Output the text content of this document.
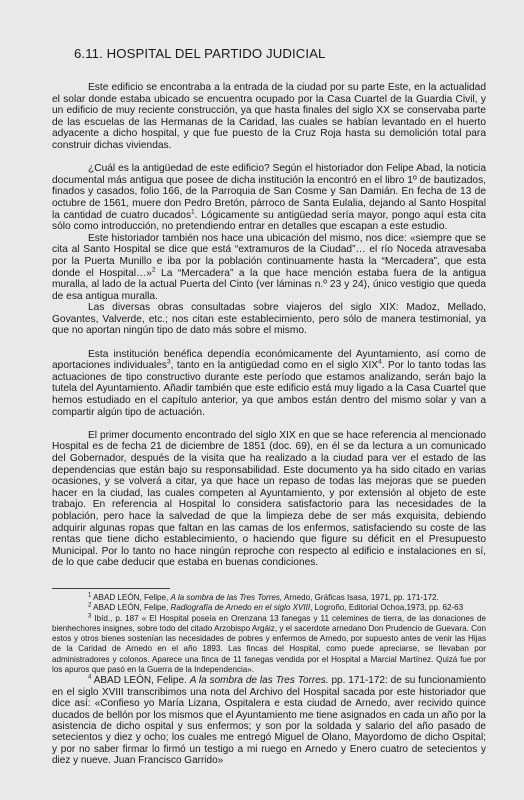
6.11. HOSPITAL DEL PARTIDO JUDICIAL

Este edificio se encontraba a la entrada de la ciudad por su parte Este, en la actualidad el solar donde estaba ubicado se encuentra ocupado por la Casa Cuartel de la Guardia Civil, y un edificio de muy reciente construcción, ya que hasta finales del siglo XX se conservaba parte de las escuelas de las Hermanas de la Caridad, las cuales se habían levantado en el huerto adyacente a dicho hospital, y que fue puesto de la Cruz Roja hasta su demolición total para construir dichas viviendas.

¿Cuál es la antigüedad de este edificio? Según el historiador don Felipe Abad, la noticia documental más antigua que posee de dicha institución la encontró en el libro 1º de bautizados, finados y casados, folio 166, de la Parroquia de San Cosme y San Damián. En fecha de 13 de octubre de 1561, muere don Pedro Bretón, párroco de Santa Eulalia, dejando al Santo Hospital la cantidad de cuatro ducados$^1$. Lógicamente su antigüedad sería mayor, pongo aquí esta cita sólo como introducción, no pretendiendo entrar en detalles que escapan a este estudio.

Este historiador también nos hace una ubicación del mismo, nos dice: «siempre que se cita al Santo Hospital se dice que está “extramuros de la Ciudad”… el río Noceda atravesaba por la Puerta Munillo e iba por la población continuamente hasta la “Mercadera”, que esta donde el Hospital…»$^2$ La “Mercadera” a la que hace mención estaba fuera de la antigua muralla, al lado de la actual Puerta del Cinto (ver láminas n.º 23 y 24), único vestigio que queda de esa antigua muralla.

Las diversas obras consultadas sobre viajeros del siglo XIX: Madoz, Mellado, Govantes, Valverde, etc.; nos citan este establecimiento, pero sólo de manera testimonial, ya que no aportan ningún tipo de dato más sobre el mismo.

Esta institución benéfica dependía económicamente del Ayuntamiento, así como de aportaciones individuales$^3$, tanto en la antigüedad como en el siglo XIX$^4$. Por lo tanto todas las actuaciones de tipo constructivo durante este período que estamos analizando, serán bajo la tutela del Ayuntamiento. Añadir también que este edificio está muy ligado a la Casa Cuartel que hemos estudiado en el capítulo anterior, ya que ambos están dentro del mismo solar y van a compartir algún tipo de actuación.

El primer documento encontrado del siglo XIX en que se hace referencia al mencionado Hospital es de fecha 21 de diciembre de 1851 (doc. 69), en él se da lectura a un comunicado del Gobernador, después de la visita que ha realizado a la ciudad para ver el estado de las dependencias que están bajo su responsabilidad. Este documento ya ha sido citado en varias ocasiones, y se volverá a citar, ya que hace un repaso de todas las mejoras que se pueden hacer en la ciudad, las cuales competen al Ayuntamiento, y por extensión al objeto de este trabajo. En referencia al Hospital lo considera satisfactorio para las necesidades de la población, pero hace la salvedad de que la limpieza debe de ser más exquisita, debiendo adquirir algunas ropas que faltan en las camas de los enfermos, satisfaciendo su coste de las rentas que tiene dicho establecimiento, o haciendo que figure su déficit en el Presupuesto Municipal. Por lo tanto no hace ningún reproche con respecto al edificio e instalaciones en sí, de lo que cabe deducir que estaba en buenas condiciones.

$^1$ ABAD LEÓN, Felipe, A la sombra de las Tres Torres, Arnedo, Gráficas Isasa, 1971, pp. 171-172.

$^2$ ABAD LEÓN, Felipe, Radiografía de Arnedo en el siglo XVIII, Logroño, Editorial Ochoa,1973, pp. 62-63

$^3$ Ibíd., p. 187 « El Hospital poseía en Orenzana 13 fanegas y 11 celemines de tierra, de las donaciones de bienhechores insignes, sobre todo del citado Arzobispo Argáiz, y el sacerdote arnedano Don Prudencio de Guevara. Con estos y otros bienes sostenían las necesidades de pobres y enfermos de Arnedo, por supuesto antes de venir las Hijas de la Caridad de Arnedo en el año 1893. Las fincas del Hospital, como puede apreciarse, se llevaban por administradores y colonos. Aparece una finca de 11 fanegas vendida por el Hospital a Marcial Martínez. Quizá fue por los apuros que pasó en la Guerra de la Independencia».

$^4$ ABAD LEÓN, Felipe. A la sombra de las Tres Torres. pp. 171-172: de su funcionamiento en el siglo XVIII transcribimos una nota del Archivo del Hospital sacada por este historiador que dice así: «Confieso yo María Lizana, Ospitalera e esta ciudad de Arnedo, aver recivido quince ducados de bellón por los mismos que el Ayuntamiento me tiene asignados en cada un año por la asistencia de dicho ospital y sus enfermos; y son por la soldada y salario del año pasado de setecientos y diez y ocho; los cuales me entregó Miguel de Olano, Mayordomo de dicho Ospital; y por no saber firmar lo firmó un testigo a mi ruego en Arnedo y Enero cuatro de setecientos y diez y nueve. Juan Francisco Garrido»
